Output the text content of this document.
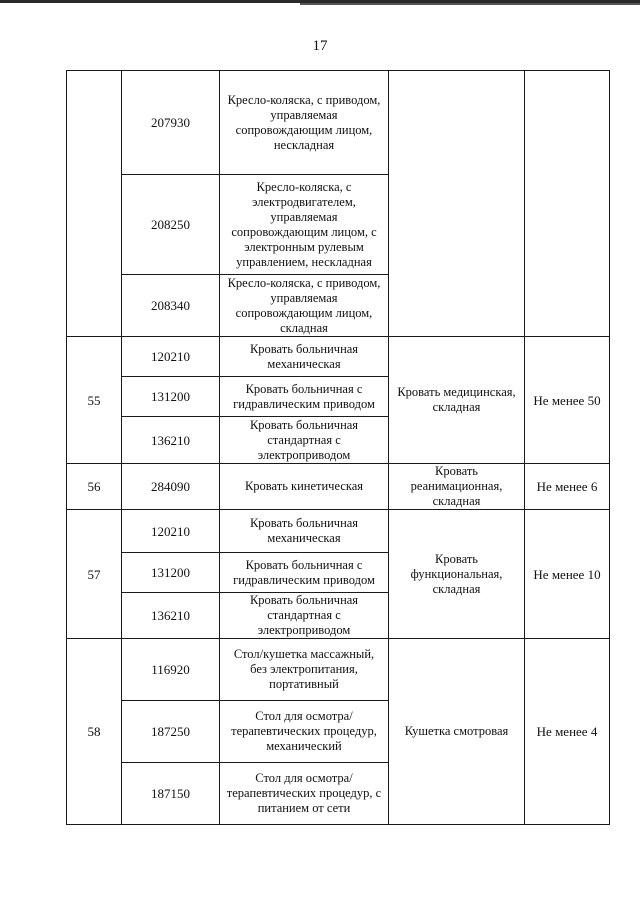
17
	207930	Кресло-коляска, с приводом, управляемая сопровождающим лицом, нескладная		
	208250	Кресло-коляска, с электродвигателем, управляемая сопровождающим лицом, с электронным рулевым управлением, нескладная		
	208340	Кресло-коляска, с приводом, управляемая сопровождающим лицом, складная		
55	120210	Кровать больничная механическая	Кровать медицинская, складная	Не менее 50
	131200	Кровать больничная с гидравлическим приводом		
	136210	Кровать больничная стандартная с электроприводом		
56	284090	Кровать кинетическая	Кровать реанимационная, складная	Не менее 6
57	120210	Кровать больничная механическая	Кровать функциональная, складная	Не менее 10
	131200	Кровать больничная с гидравлическим приводом		
	136210	Кровать больничная стандартная с электроприводом		
58	116920	Стол/кушетка массажный, без электропитания, портативный	Кушетка смотровая	Не менее 4
	187250	Стол для осмотра/терапевтических процедур, механический		
	187150	Стол для осмотра/терапевтических процедур, с питанием от сети		
